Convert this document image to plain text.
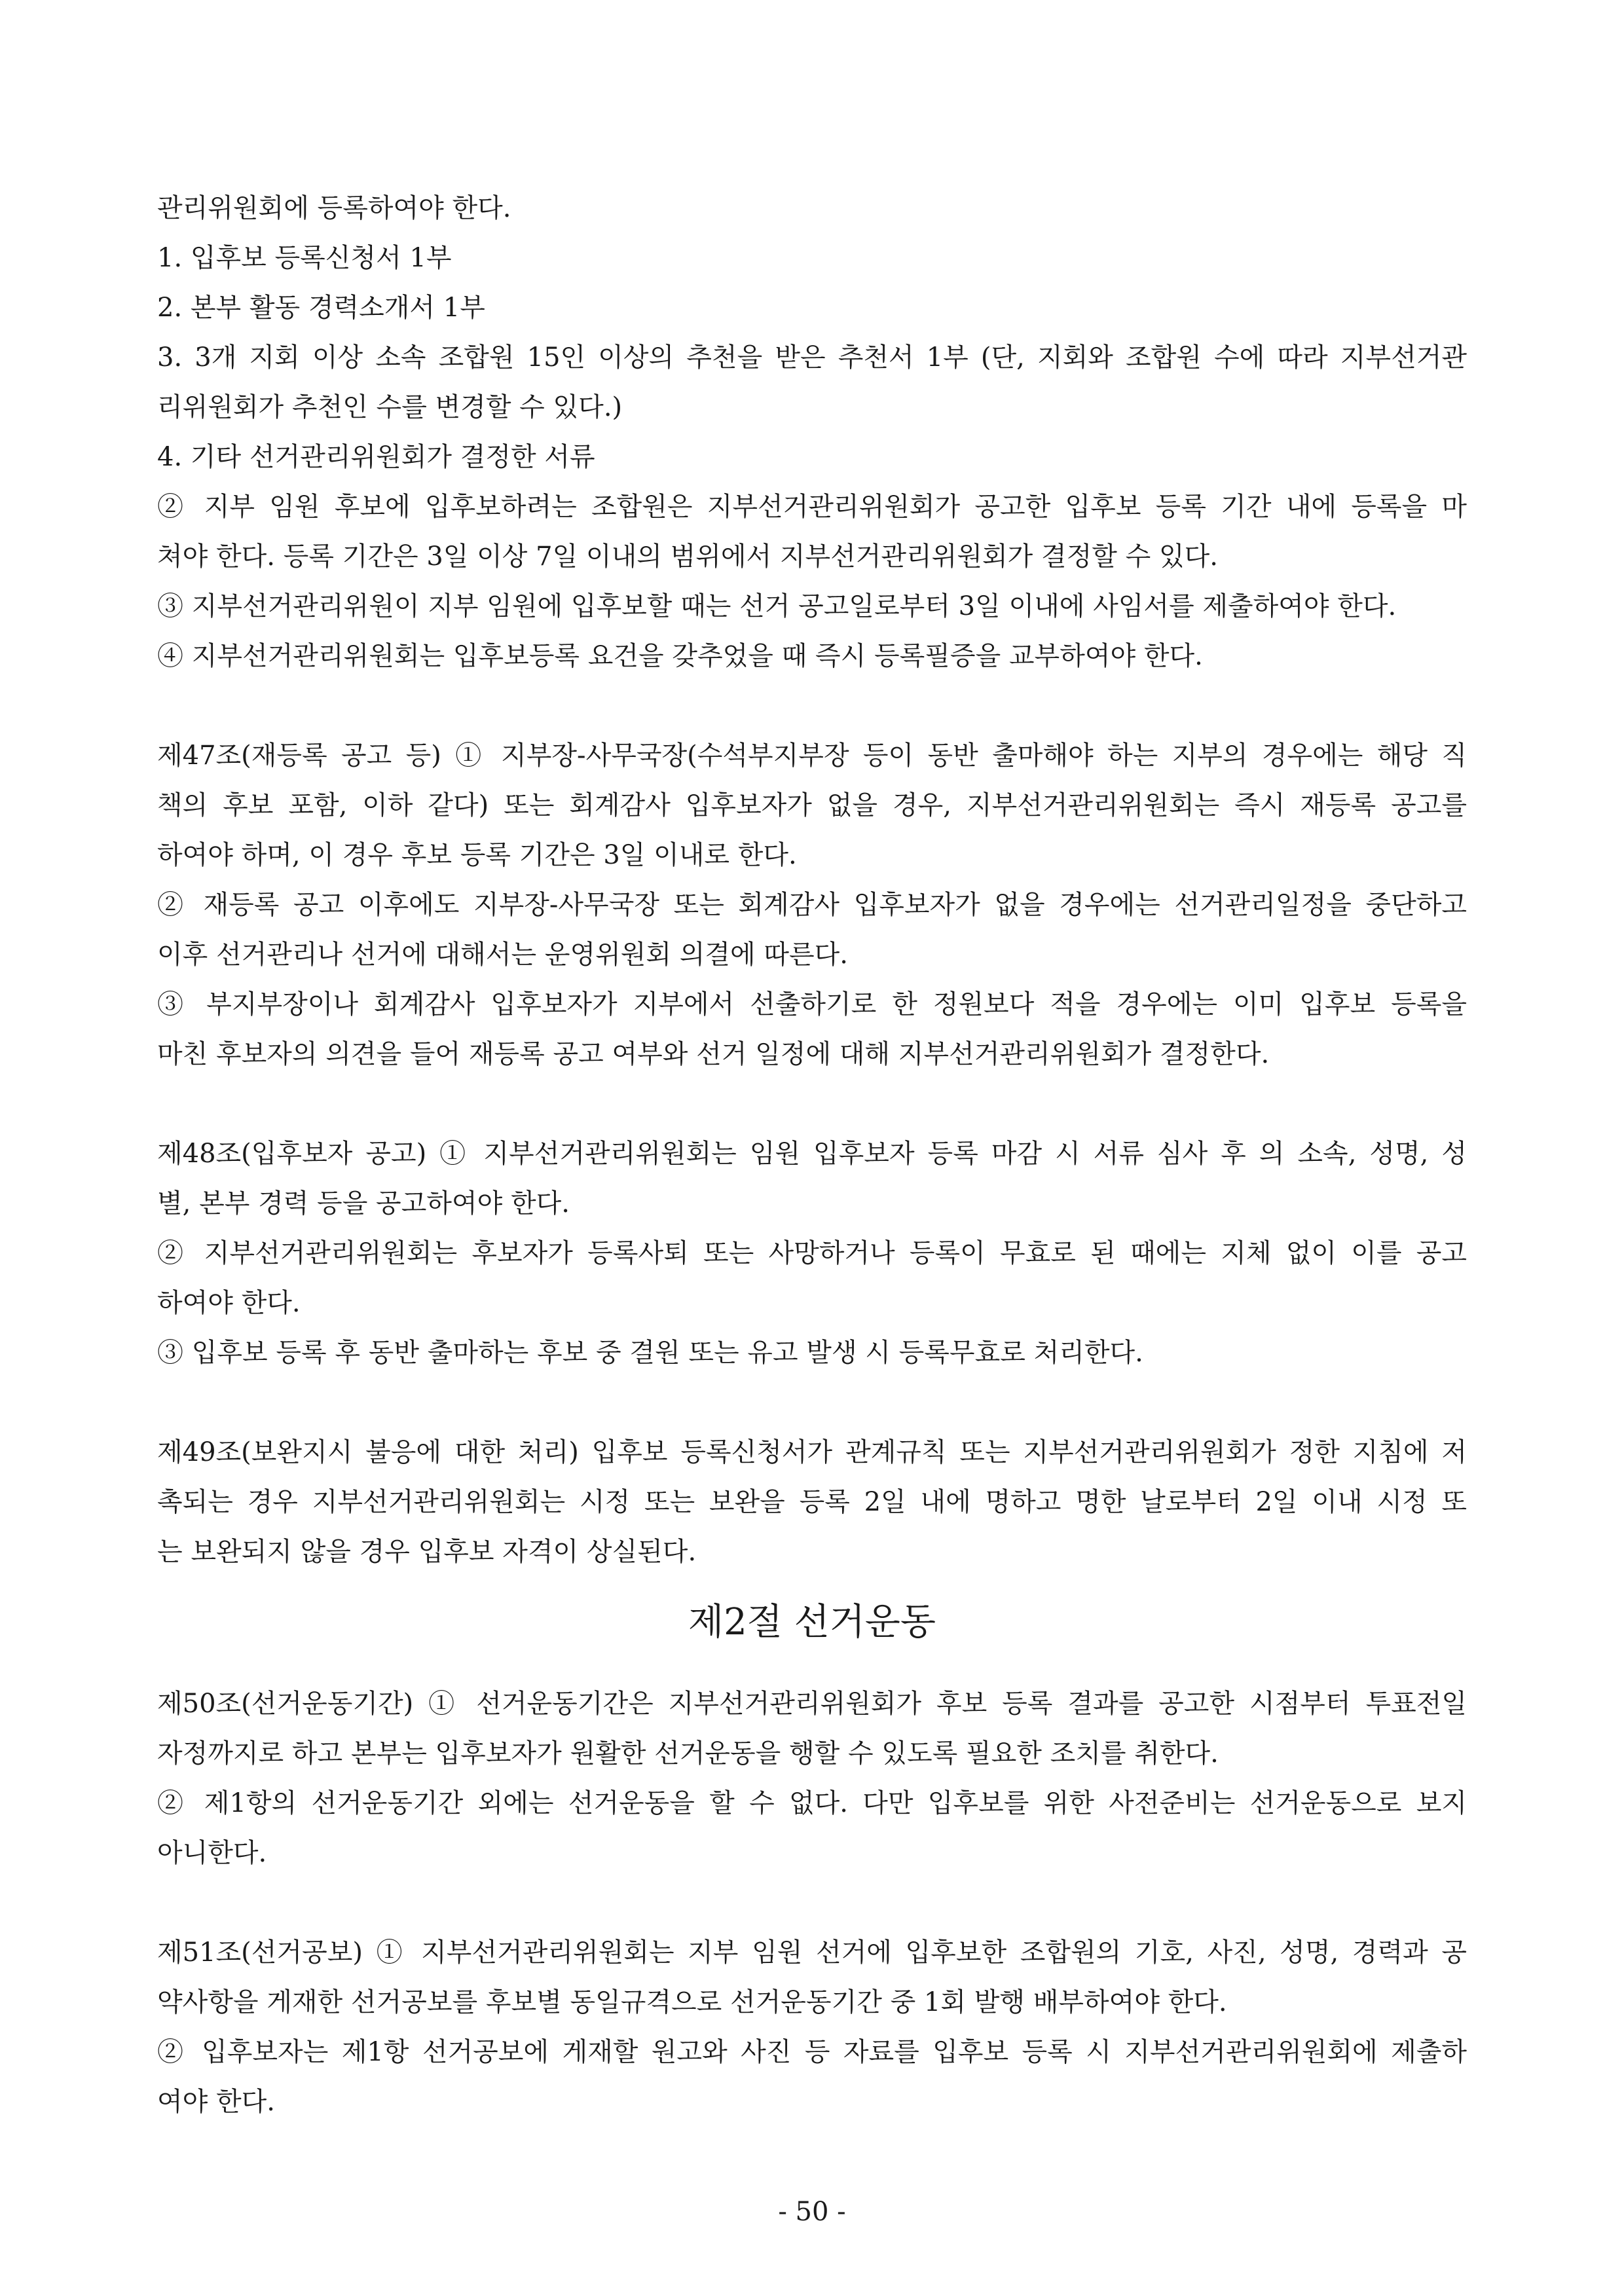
관리위원회에 등록하여야 한다.

1. 입후보 등록신청서 1부

2. 본부 활동 경력소개서 1부

3. 3개 지회 이상 소속 조합원 15인 이상의 추천을 받은 추천서 1부 (단, 지회와 조합원 수에 따라 지부선거관

리위원회가 추천인 수를 변경할 수 있다.)

4. 기타 선거관리위원회가 결정한 서류

② 지부 임원 후보에 입후보하려는 조합원은 지부선거관리위원회가 공고한 입후보 등록 기간 내에 등록을 마

쳐야 한다. 등록 기간은 3일 이상 7일 이내의 범위에서 지부선거관리위원회가 결정할 수 있다.

③ 지부선거관리위원이 지부 임원에 입후보할 때는 선거 공고일로부터 3일 이내에 사임서를 제출하여야 한다.

④ 지부선거관리위원회는 입후보등록 요건을 갖추었을 때 즉시 등록필증을 교부하여야 한다.

제47조(재등록 공고 등) ① 지부장-사무국장(수석부지부장 등이 동반 출마해야 하는 지부의 경우에는 해당 직

책의 후보 포함, 이하 같다) 또는 회계감사 입후보자가 없을 경우, 지부선거관리위원회는 즉시 재등록 공고를

하여야 하며, 이 경우 후보 등록 기간은 3일 이내로 한다.

② 재등록 공고 이후에도 지부장-사무국장 또는 회계감사 입후보자가 없을 경우에는 선거관리일정을 중단하고

이후 선거관리나 선거에 대해서는 운영위원회 의결에 따른다.

③ 부지부장이나 회계감사 입후보자가 지부에서 선출하기로 한 정원보다 적을 경우에는 이미 입후보 등록을

마친 후보자의 의견을 들어 재등록 공고 여부와 선거 일정에 대해 지부선거관리위원회가 결정한다.

제48조(입후보자 공고) ① 지부선거관리위원회는 임원 입후보자 등록 마감 시 서류 심사 후 의 소속, 성명, 성

별, 본부 경력 등을 공고하여야 한다.

② 지부선거관리위원회는 후보자가 등록사퇴 또는 사망하거나 등록이 무효로 된 때에는 지체 없이 이를 공고

하여야 한다.

③ 입후보 등록 후 동반 출마하는 후보 중 결원 또는 유고 발생 시 등록무효로 처리한다.

제49조(보완지시 불응에 대한 처리) 입후보 등록신청서가 관계규칙 또는 지부선거관리위원회가 정한 지침에 저

촉되는 경우 지부선거관리위원회는 시정 또는 보완을 등록 2일 내에 명하고 명한 날로부터 2일 이내 시정 또

는 보완되지 않을 경우 입후보 자격이 상실된다.

제2절 선거운동

제50조(선거운동기간) ① 선거운동기간은 지부선거관리위원회가 후보 등록 결과를 공고한 시점부터 투표전일

자정까지로 하고 본부는 입후보자가 원활한 선거운동을 행할 수 있도록 필요한 조치를 취한다.

② 제1항의 선거운동기간 외에는 선거운동을 할 수 없다. 다만 입후보를 위한 사전준비는 선거운동으로 보지

아니한다.

제51조(선거공보) ① 지부선거관리위원회는 지부 임원 선거에 입후보한 조합원의 기호, 사진, 성명, 경력과 공

약사항을 게재한 선거공보를 후보별 동일규격으로 선거운동기간 중 1회 발행 배부하여야 한다.

② 입후보자는 제1항 선거공보에 게재할 원고와 사진 등 자료를 입후보 등록 시 지부선거관리위원회에 제출하

여야 한다.

- 50 -
